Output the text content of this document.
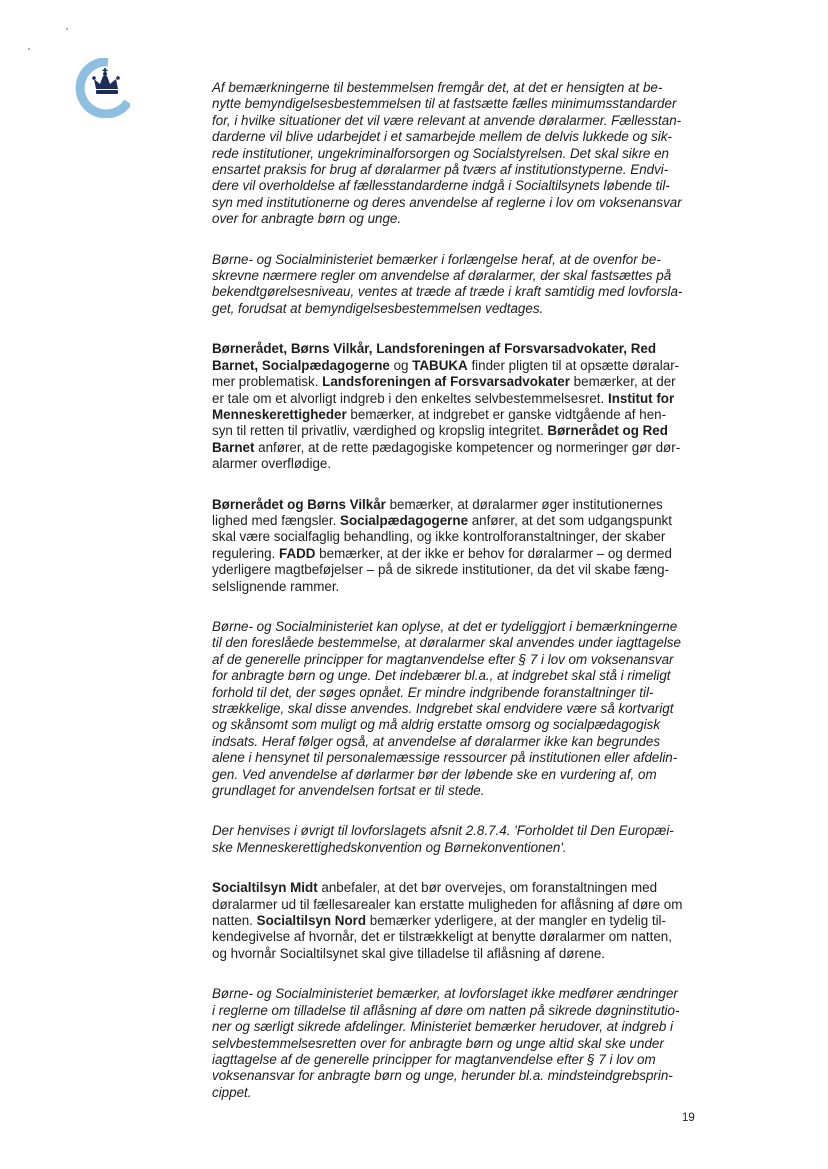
Af bemærkningerne til bestemmelsen fremgår det, at det er hensigten at be-
nytte bemyndigelsesbestemmelsen til at fastsætte fælles minimumsstandarder
for, i hvilke situationer det vil være relevant at anvende døralarmer. Fællesstan-
darderne vil blive udarbejdet i et samarbejde mellem de delvis lukkede og sik-
rede institutioner, ungekriminalforsorgen og Socialstyrelsen. Det skal sikre en
ensartet praksis for brug af døralarmer på tværs af institutionstyperne. Endvi-
dere vil overholdelse af fællesstandarderne indgå i Socialtilsynets løbende til-
syn med institutionerne og deres anvendelse af reglerne i lov om voksenansvar
over for anbragte børn og unge.

Børne- og Socialministeriet bemærker i forlængelse heraf, at de ovenfor be-
skrevne nærmere regler om anvendelse af døralarmer, der skal fastsættes på
bekendtgørelsesniveau, ventes at træde af træde i kraft samtidig med lovforsla-
get, forudsat at bemyndigelsesbestemmelsen vedtages.

Børnerådet, Børns Vilkår, Landsforeningen af Forsvarsadvokater, Red
Barnet, Socialpædagogerne og TABUKA finder pligten til at opsætte døralar-
mer problematisk. Landsforeningen af Forsvarsadvokater bemærker, at der
er tale om et alvorligt indgreb i den enkeltes selvbestemmelsesret. Institut for
Menneskerettigheder bemærker, at indgrebet er ganske vidtgående af hen-
syn til retten til privatliv, værdighed og kropslig integritet. Børnerådet og Red
Barnet anfører, at de rette pædagogiske kompetencer og normeringer gør dør-
alarmer overflødige.

Børnerådet og Børns Vilkår bemærker, at døralarmer øger institutionernes
lighed med fængsler. Socialpædagogerne anfører, at det som udgangspunkt
skal være socialfaglig behandling, og ikke kontrolforanstaltninger, der skaber
regulering. FADD bemærker, at der ikke er behov for døralarmer – og dermed
yderligere magtbeføjelser – på de sikrede institutioner, da det vil skabe fæng-
selslignende rammer.

Børne- og Socialministeriet kan oplyse, at det er tydeliggjort i bemærkningerne
til den foreslåede bestemmelse, at døralarmer skal anvendes under iagttagelse
af de generelle principper for magtanvendelse efter § 7 i lov om voksenansvar
for anbragte børn og unge. Det indebærer bl.a., at indgrebet skal stå i rimeligt
forhold til det, der søges opnået. Er mindre indgribende foranstaltninger til-
strækkelige, skal disse anvendes. Indgrebet skal endvidere være så kortvarigt
og skånsomt som muligt og må aldrig erstatte omsorg og socialpædagogisk
indsats. Heraf følger også, at anvendelse af døralarmer ikke kan begrundes
alene i hensynet til personalemæssige ressourcer på institutionen eller afdelin-
gen. Ved anvendelse af dørlarmer bør der løbende ske en vurdering af, om
grundlaget for anvendelsen fortsat er til stede.

Der henvises i øvrigt til lovforslagets afsnit 2.8.7.4. 'Forholdet til Den Europæi-
ske Menneskerettighedskonvention og Børnekonventionen'.

Socialtilsyn Midt anbefaler, at det bør overvejes, om foranstaltningen med
døralarmer ud til fællesarealer kan erstatte muligheden for aflåsning af døre om
natten. Socialtilsyn Nord bemærker yderligere, at der mangler en tydelig til-
kendegivelse af hvornår, det er tilstrækkeligt at benytte døralarmer om natten,
og hvornår Socialtilsynet skal give tilladelse til aflåsning af dørene.

Børne- og Socialministeriet bemærker, at lovforslaget ikke medfører ændringer
i reglerne om tilladelse til aflåsning af døre om natten på sikrede døgninstitutio-
ner og særligt sikrede afdelinger. Ministeriet bemærker herudover, at indgreb i
selvbestemmelsesretten over for anbragte børn og unge altid skal ske under
iagttagelse af de generelle principper for magtanvendelse efter § 7 i lov om
voksenansvar for anbragte børn og unge, herunder bl.a. mindsteindgrebsprin-
cippet.

19
